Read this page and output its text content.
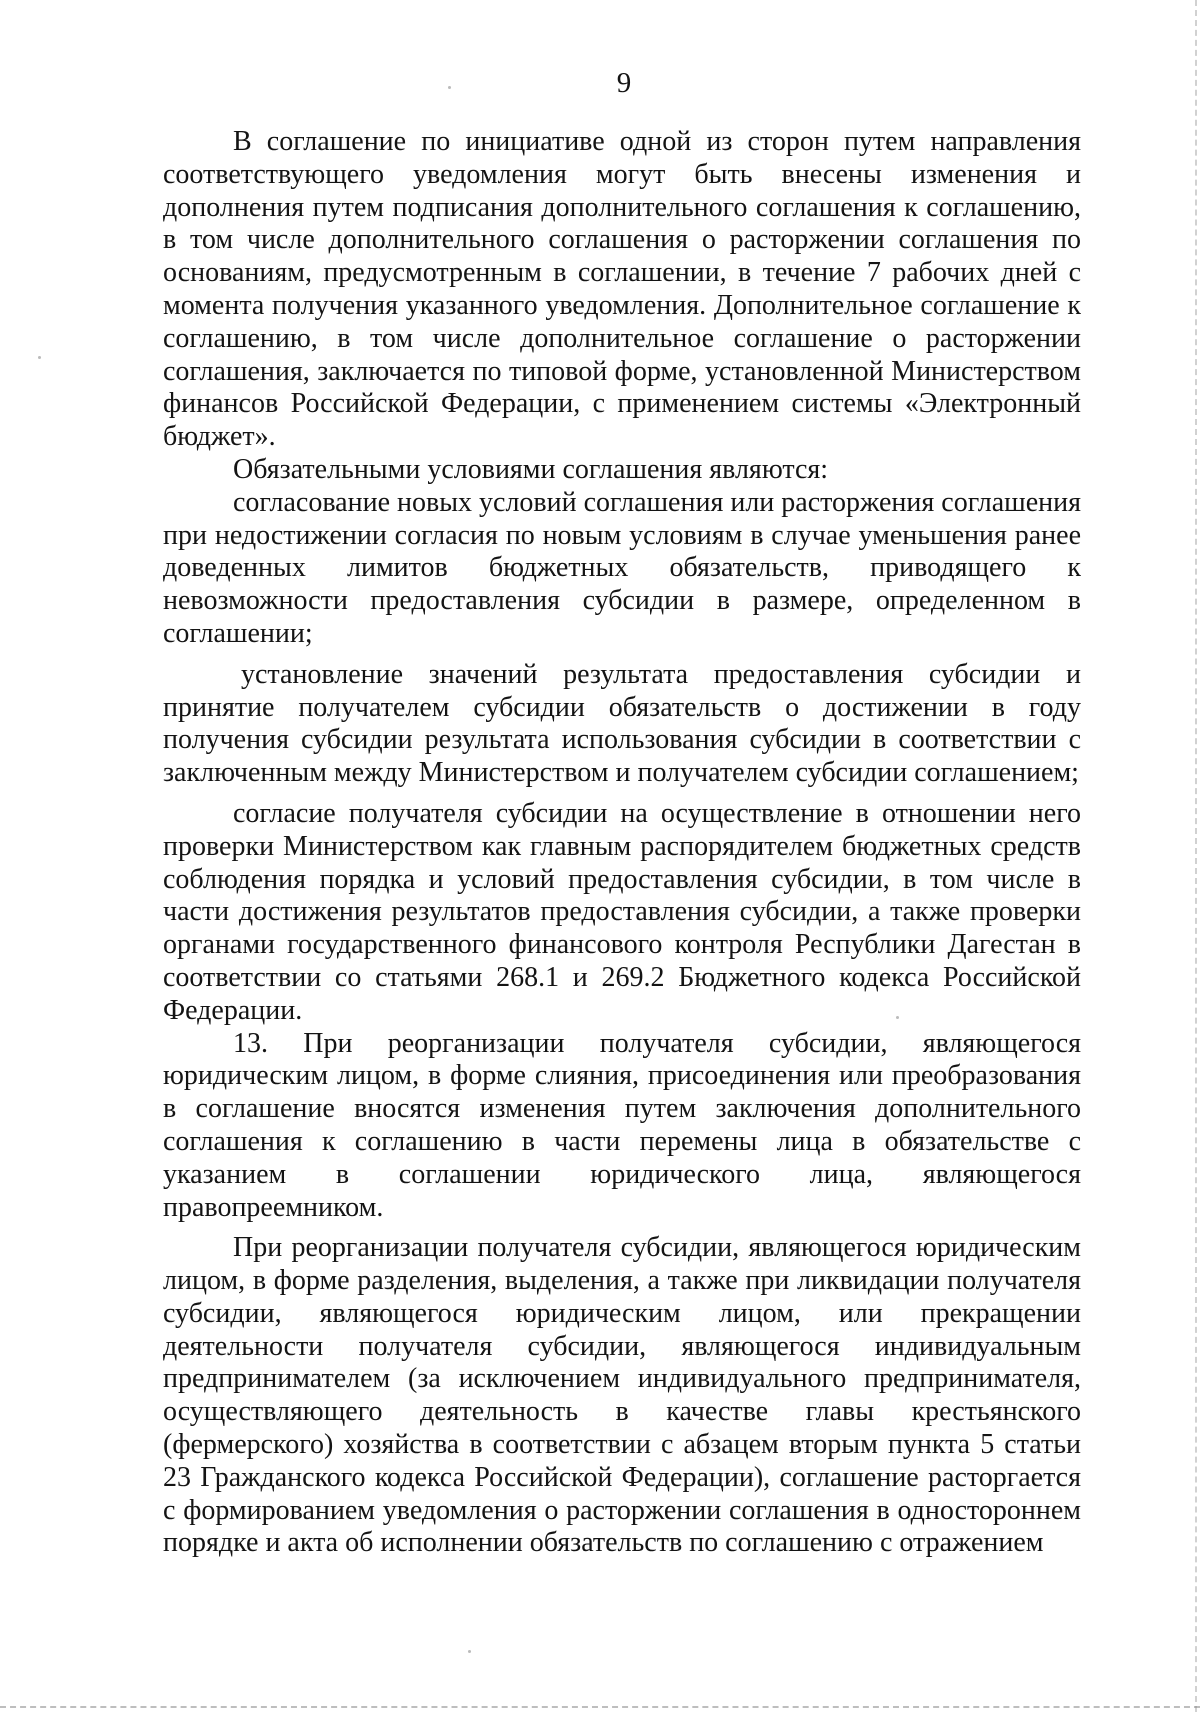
9

В соглашение по инициативе одной из сторон путем направления соответствующего уведомления могут быть внесены изменения и дополнения путем подписания дополнительного соглашения к соглашению, в том числе дополнительного соглашения о расторжении соглашения по основаниям, предусмотренным в соглашении, в течение 7 рабочих дней с момента получения указанного уведомления. Дополнительное соглашение к соглашению, в том числе дополнительное соглашение о расторжении соглашения, заключается по типовой форме, установленной Министерством финансов Российской Федерации, с применением системы «Электронный бюджет».

Обязательными условиями соглашения являются:

согласование новых условий соглашения или расторжения соглашения при недостижении согласия по новым условиям в случае уменьшения ранее доведенных лимитов бюджетных обязательств, приводящего к невозможности предоставления субсидии в размере, определенном в соглашении;

установление значений результата предоставления субсидии и принятие получателем субсидии обязательств о достижении в году получения субсидии результата использования субсидии в соответствии с заключенным между Министерством и получателем субсидии соглашением;

согласие получателя субсидии на осуществление в отношении него проверки Министерством как главным распорядителем бюджетных средств соблюдения порядка и условий предоставления субсидии, в том числе в части достижения результатов предоставления субсидии, а также проверки органами государственного финансового контроля Республики Дагестан в соответствии со статьями 268.1 и 269.2 Бюджетного кодекса Российской Федерации.

13. При реорганизации получателя субсидии, являющегося юридическим лицом, в форме слияния, присоединения или преобразования в соглашение вносятся изменения путем заключения дополнительного соглашения к соглашению в части перемены лица в обязательстве с указанием в соглашении юридического лица, являющегося правопреемником.

При реорганизации получателя субсидии, являющегося юридическим лицом, в форме разделения, выделения, а также при ликвидации получателя субсидии, являющегося юридическим лицом, или прекращении деятельности получателя субсидии, являющегося индивидуальным предпринимателем (за исключением индивидуального предпринимателя, осуществляющего деятельность в качестве главы крестьянского (фермерского) хозяйства в соответствии с абзацем вторым пункта 5 статьи 23 Гражданского кодекса Российской Федерации), соглашение расторгается с формированием уведомления о расторжении соглашения в одностороннем порядке и акта об исполнении обязательств по соглашению с отражением
